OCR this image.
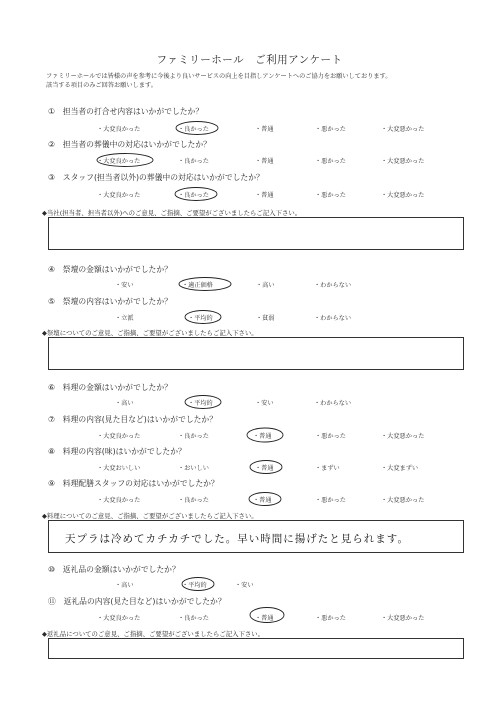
ファミリーホール　ご利用アンケート
ファミリーホールでは皆様の声を参考に今後より良いサービスの向上を目指しアンケートへのご協力をお願いしております。
該当する項目のみご回答お願いします。
①　担当者の打合せ内容はいかがでしたか？
・大変良かった	・良かった	・普通	・悪かった	・大変悪かった
②　担当者の葬儀中の対応はいかがでしたか？
・大変良かった	・良かった	・普通	・悪かった	・大変悪かった
③　スタッフ(担当者以外)の葬儀中の対応はいかがでしたか？
・大変良かった	・良かった	・普通	・悪かった	・大変悪かった
◆当社(担当者、担当者以外)へのご意見、ご指摘、ご要望がございましたらご記入下さい。
④　祭壇の金額はいかがでしたか？
・安い	・適正価格	・高い	・わからない
⑤　祭壇の内容はいかがでしたか？
・立派	・平均的	・貧弱	・わからない
◆祭壇についてのご意見、ご指摘、ご要望がございましたらご記入下さい。
⑥　料理の金額はいかがでしたか？
・高い	・平均的	・安い	・わからない
⑦　料理の内容(見た目など)はいかがでしたか？
・大変良かった	・良かった	・普通	・悪かった	・大変悪かった
⑧　料理の内容(味)はいかがでしたか？
・大変おいしい	・おいしい	・普通	・まずい	・大変まずい
⑨　料理配膳スタッフの対応はいかがでしたか？
・大変良かった	・良かった	・普通	・悪かった	・大変悪かった
◆料理についてのご意見、ご指摘、ご要望がございましたらご記入下さい。
天プラは冷めてカチカチでした。早い時間に揚げたと見られます。
⑩　返礼品の金額はいかがでしたか？
・高い	・平均的	・安い
⑪　返礼品の内容(見た目など)はいかがでしたか？
・大変良かった	・良かった	・普通	・悪かった	・大変悪かった
◆返礼品についてのご意見、ご指摘、ご要望がございましたらご記入下さい。
